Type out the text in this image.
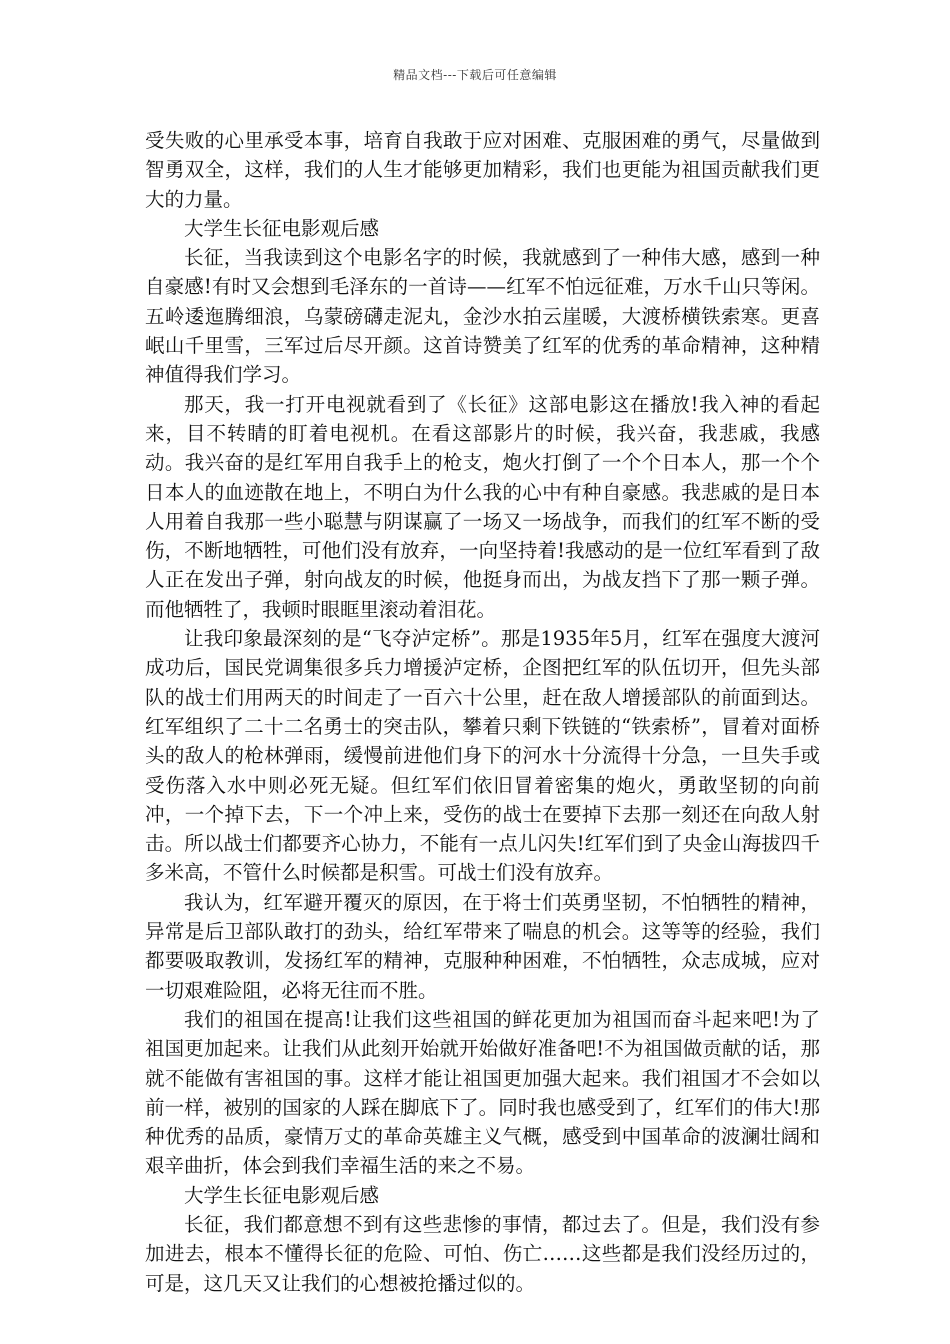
精品文档---下载后可任意编辑

受失败的心里承受本事，培育自我敢于应对困难、克服困难的勇气，尽量做到智勇双全，这样，我们的人生才能够更加精彩，我们也更能为祖国贡献我们更大的力量。

大学生长征电影观后感

长征，当我读到这个电影名字的时候，我就感到了一种伟大感，感到一种自豪感!有时又会想到毛泽东的一首诗——红军不怕远征难，万水千山只等闲。五岭逶迤腾细浪，乌蒙磅礴走泥丸，金沙水拍云崖暖，大渡桥横铁索寒。更喜岷山千里雪，三军过后尽开颜。这首诗赞美了红军的优秀的革命精神，这种精神值得我们学习。

那天，我一打开电视就看到了《长征》这部电影这在播放!我入神的看起来，目不转睛的盯着电视机。在看这部影片的时候，我兴奋，我悲戚，我感动。我兴奋的是红军用自我手上的枪支，炮火打倒了一个个日本人，那一个个日本人的血迹散在地上，不明白为什么我的心中有种自豪感。我悲戚的是日本人用着自我那一些小聪慧与阴谋赢了一场又一场战争，而我们的红军不断的受伤，不断地牺牲，可他们没有放弃，一向坚持着!我感动的是一位红军看到了敌人正在发出子弹，射向战友的时候，他挺身而出，为战友挡下了那一颗子弹。而他牺牲了，我顿时眼眶里滚动着泪花。

让我印象最深刻的是“飞夺泸定桥”。那是1935年5月，红军在强度大渡河成功后，国民党调集很多兵力增援泸定桥，企图把红军的队伍切开，但先头部队的战士们用两天的时间走了一百六十公里，赶在敌人增援部队的前面到达。红军组织了二十二名勇士的突击队，攀着只剩下铁链的“铁索桥”，冒着对面桥头的敌人的枪林弹雨，缓慢前进他们身下的河水十分流得十分急，一旦失手或受伤落入水中则必死无疑。但红军们依旧冒着密集的炮火，勇敢坚韧的向前冲，一个掉下去，下一个冲上来，受伤的战士在要掉下去那一刻还在向敌人射击。所以战士们都要齐心协力，不能有一点儿闪失!红军们到了央金山海拔四千多米高，不管什么时候都是积雪。可战士们没有放弃。

我认为，红军避开覆灭的原因，在于将士们英勇坚韧，不怕牺牲的精神，异常是后卫部队敢打的劲头，给红军带来了喘息的机会。这等等的经验，我们都要吸取教训，发扬红军的精神，克服种种困难，不怕牺牲，众志成城，应对一切艰难险阻，必将无往而不胜。

我们的祖国在提高!让我们这些祖国的鲜花更加为祖国而奋斗起来吧!为了祖国更加起来。让我们从此刻开始就开始做好准备吧!不为祖国做贡献的话，那就不能做有害祖国的事。这样才能让祖国更加强大起来。我们祖国才不会如以前一样，被别的国家的人踩在脚底下了。同时我也感受到了，红军们的伟大!那种优秀的品质，豪情万丈的革命英雄主义气概，感受到中国革命的波澜壮阔和艰辛曲折，体会到我们幸福生活的来之不易。

大学生长征电影观后感

长征，我们都意想不到有这些悲惨的事情，都过去了。但是，我们没有参加进去，根本不懂得长征的危险、可怕、伤亡……这些都是我们没经历过的，可是，这几天又让我们的心想被抢播过似的。
